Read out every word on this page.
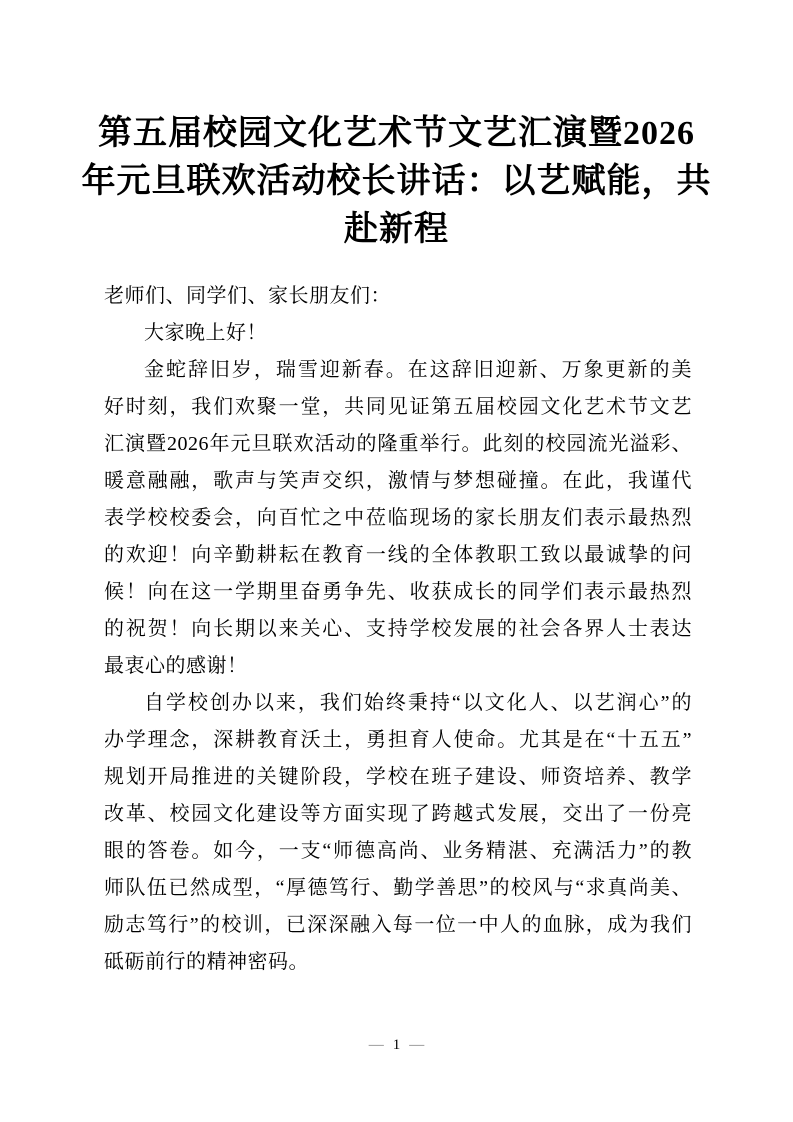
第五届校园文化艺术节文艺汇演暨2026
年元旦联欢活动校长讲话：以艺赋能，共
赴新程
老师们、同学们、家长朋友们：
大家晚上好！
金蛇辞旧岁，瑞雪迎新春。在这辞旧迎新、万象更新的美
好时刻，我们欢聚一堂，共同见证第五届校园文化艺术节文艺
汇演暨2026年元旦联欢活动的隆重举行。此刻的校园流光溢彩、
暖意融融，歌声与笑声交织，激情与梦想碰撞。在此，我谨代
表学校校委会，向百忙之中莅临现场的家长朋友们表示最热烈
的欢迎！向辛勤耕耘在教育一线的全体教职工致以最诚挚的问
候！向在这一学期里奋勇争先、收获成长的同学们表示最热烈
的祝贺！向长期以来关心、支持学校发展的社会各界人士表达
最衷心的感谢！
自学校创办以来，我们始终秉持“以文化人、以艺润心”的
办学理念，深耕教育沃土，勇担育人使命。尤其是在“十五五”
规划开局推进的关键阶段，学校在班子建设、师资培养、教学
改革、校园文化建设等方面实现了跨越式发展，交出了一份亮
眼的答卷。如今，一支“师德高尚、业务精湛、充满活力”的教
师队伍已然成型，“厚德笃行、勤学善思”的校风与“求真尚美、
励志笃行”的校训，已深深融入每一位一中人的血脉，成为我们
砥砺前行的精神密码。
— 1 —
